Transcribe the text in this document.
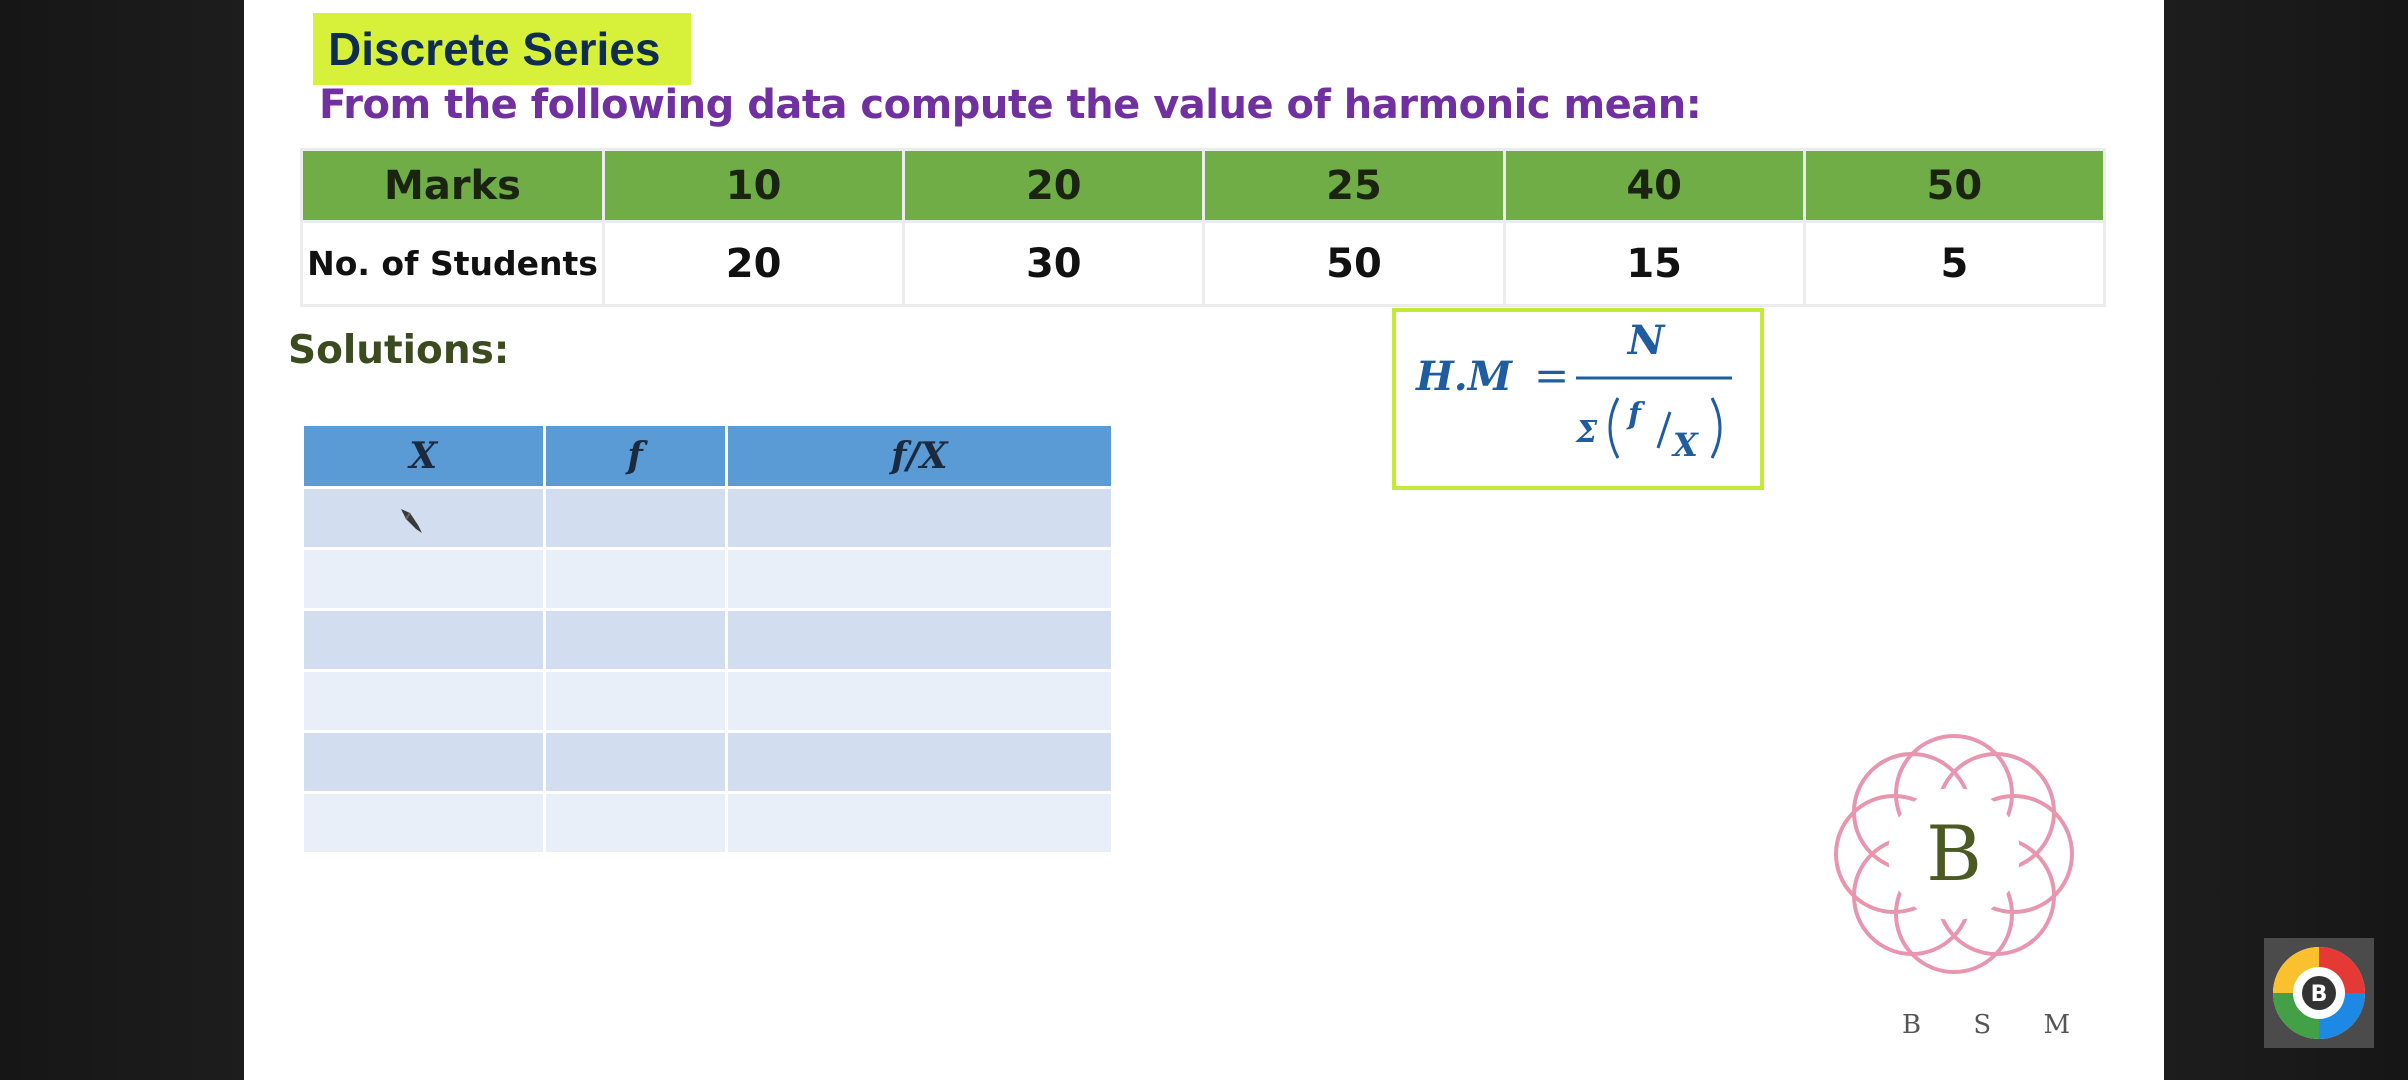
Discrete Series
From the following data compute the value of harmonic mean:
Marks	10	20	25	40	50
No. of Students	20	30	50	15	5
Solutions:
H.M =
N
Σ
f
X
X	f	f/X

B
B S M
B
